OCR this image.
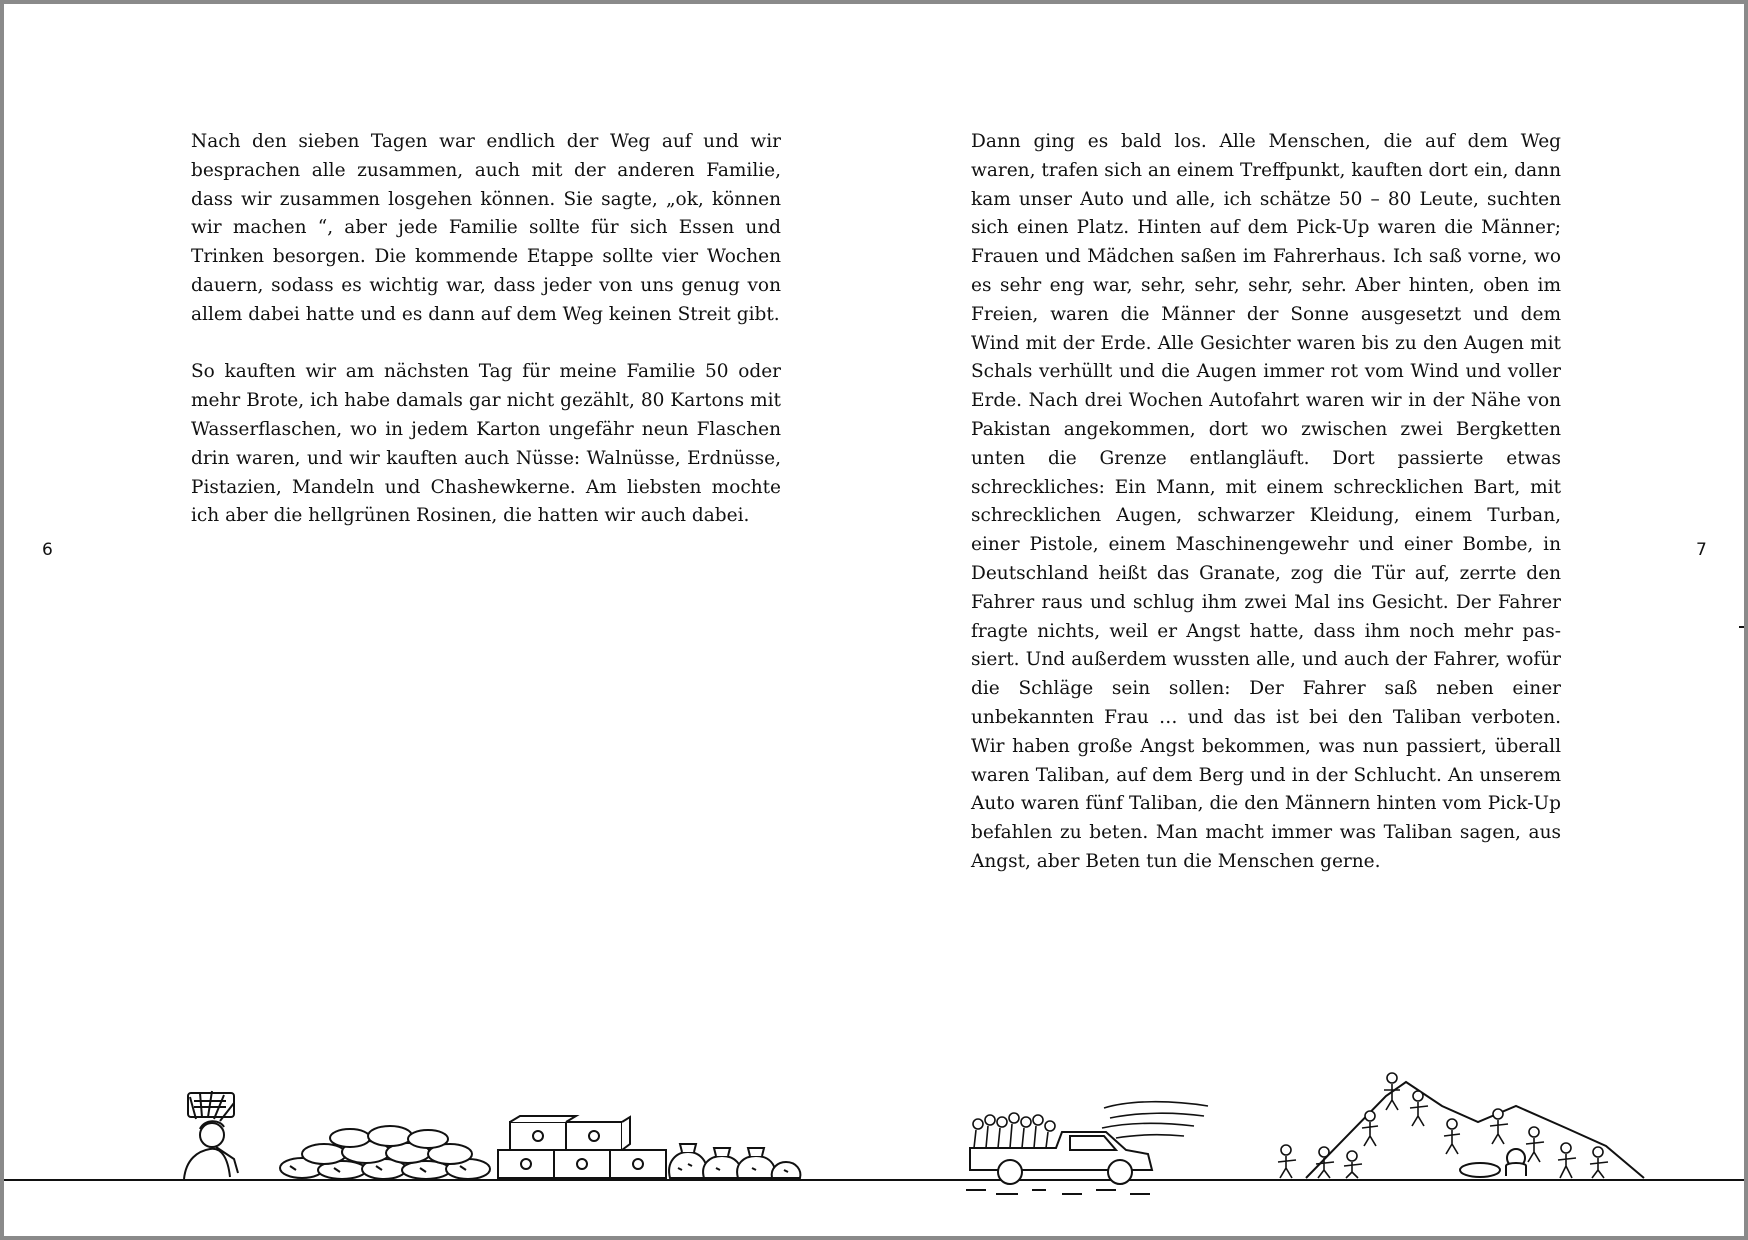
Nach den sieben Tagen war endlich der Weg auf und wir besprachen alle zusammen, auch mit der anderen Familie, dass wir zusammen losgehen können. Sie sagte, „ok, können wir machen “, aber jede Familie sollte für sich Essen und Trinken besorgen. Die kommende Etappe sollte vier Wochen dauern, sodass es wichtig war, dass jeder von uns genug von allem dabei hatte und es dann auf dem Weg keinen Streit gibt.

So kauften wir am nächsten Tag für meine Familie 50 oder mehr Brote, ich habe damals gar nicht gezählt, 80 Kartons mit Wasserflaschen, wo in jedem Karton ungefähr neun Flaschen drin waren, und wir kauften auch Nüsse: Walnüsse, Erdnüsse, Pistazien, Mandeln und Chashewkerne. Am liebsten mochte ich aber die hellgrünen Rosinen, die hatten wir auch dabei.

6

Dann ging es bald los. Alle Menschen, die auf dem Weg waren, trafen sich an einem Treffpunkt, kauften dort ein, dann kam unser Auto und alle, ich schätze 50 – 80 Leute, suchten sich einen Platz. Hinten auf dem Pick-Up waren die Männer; Frauen und Mädchen saßen im Fahrerhaus. Ich saß vorne, wo es sehr eng war, sehr, sehr, sehr, sehr. Aber hinten, oben im Freien, waren die Männer der Sonne ausgesetzt und dem Wind mit der Erde. Alle Gesichter waren bis zu den Augen mit Schals verhüllt und die Augen immer rot vom Wind und voller Erde. Nach drei Wochen Autofahrt waren wir in der Nähe von Pakistan angekommen, dort wo zwischen zwei Bergketten unten die Grenze entlangläuft. Dort passierte etwas schreckliches: Ein Mann, mit einem schrecklichen Bart, mit schrecklichen Augen, schwarzer Kleidung, einem Turban, einer Pistole, einem Maschinengewehr und einer Bombe, in Deutschland heißt das Granate, zog die Tür auf, zerrte den Fahrer raus und schlug ihm zwei Mal ins Gesicht. Der Fahrer fragte nichts, weil er Angst hatte, dass ihm noch mehr passiert. Und außerdem wussten alle, und auch der Fahrer, wofür die Schläge sein sollen: Der Fahrer saß neben einer unbekannten Frau … und das ist bei den Taliban verboten. Wir haben große Angst bekommen, was nun passiert, überall waren Taliban, auf dem Berg und in der Schlucht. An unserem Auto waren fünf Taliban, die den Männern hinten vom Pick-Up befahlen zu beten. Man macht immer was Taliban sagen, aus Angst, aber Beten tun die Menschen gerne.

7
